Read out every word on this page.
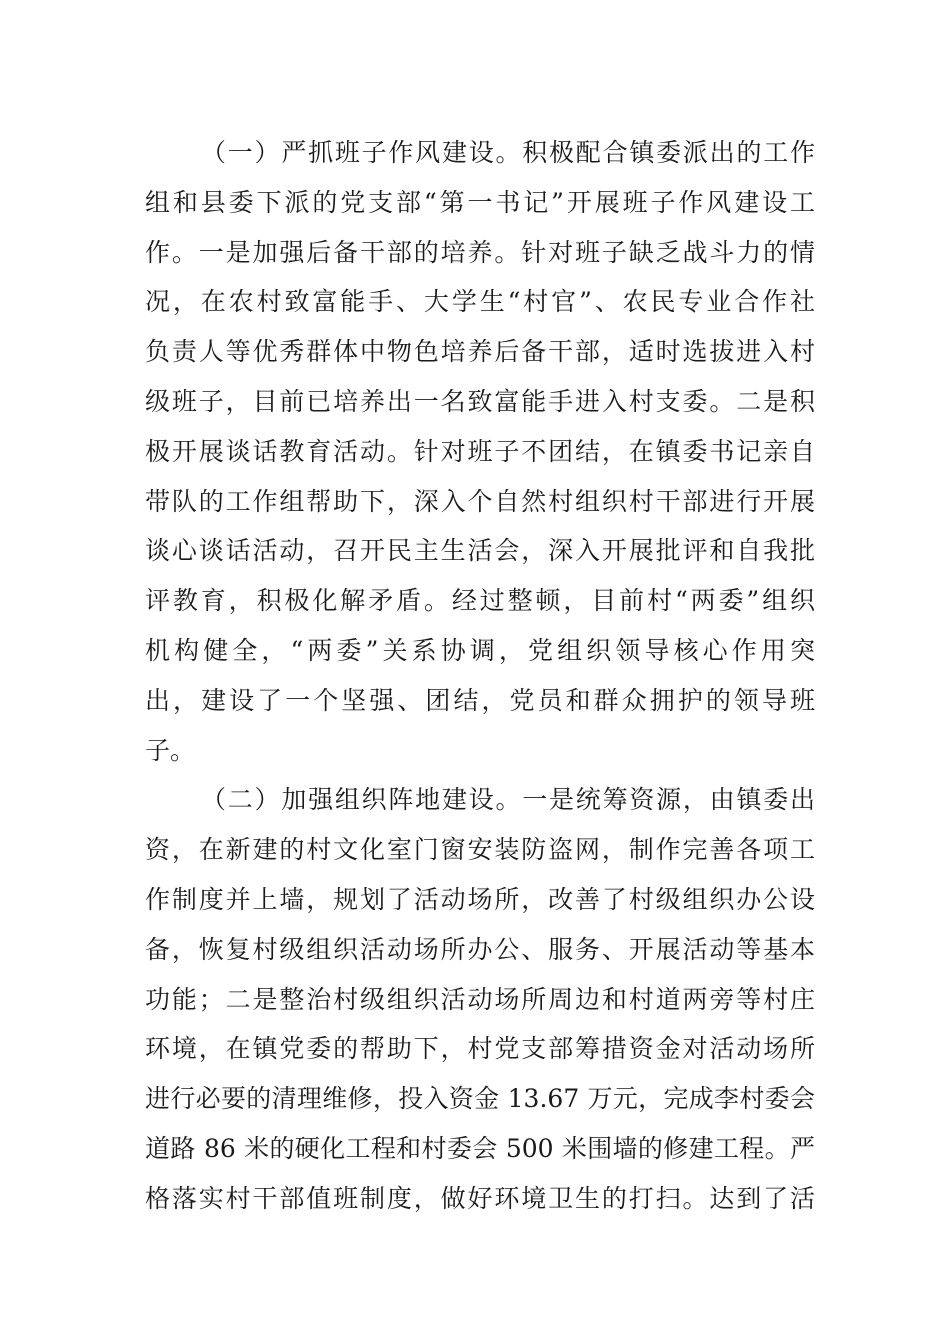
（一）严抓班子作风建设。积极配合镇委派出的工作
组和县委下派的党支部“第一书记”开展班子作风建设工
作。一是加强后备干部的培养。针对班子缺乏战斗力的情
况，在农村致富能手、大学生“村官”、农民专业合作社
负责人等优秀群体中物色培养后备干部，适时选拔进入村
级班子，目前已培养出一名致富能手进入村支委。二是积
极开展谈话教育活动。针对班子不团结，在镇委书记亲自
带队的工作组帮助下，深入个自然村组织村干部进行开展
谈心谈话活动，召开民主生活会，深入开展批评和自我批
评教育，积极化解矛盾。经过整顿，目前村“两委”组织
机构健全，“两委”关系协调，党组织领导核心作用突
出，建设了一个坚强、团结，党员和群众拥护的领导班
子。
（二）加强组织阵地建设。一是统筹资源，由镇委出
资，在新建的村文化室门窗安装防盗网，制作完善各项工
作制度并上墙，规划了活动场所，改善了村级组织办公设
备，恢复村级组织活动场所办公、服务、开展活动等基本
功能；二是整治村级组织活动场所周边和村道两旁等村庄
环境，在镇党委的帮助下，村党支部筹措资金对活动场所
进行必要的清理维修，投入资金 13.67 万元，完成李村委会
道路 86 米的硬化工程和村委会 500 米围墙的修建工程。严
格落实村干部值班制度，做好环境卫生的打扫。达到了活
